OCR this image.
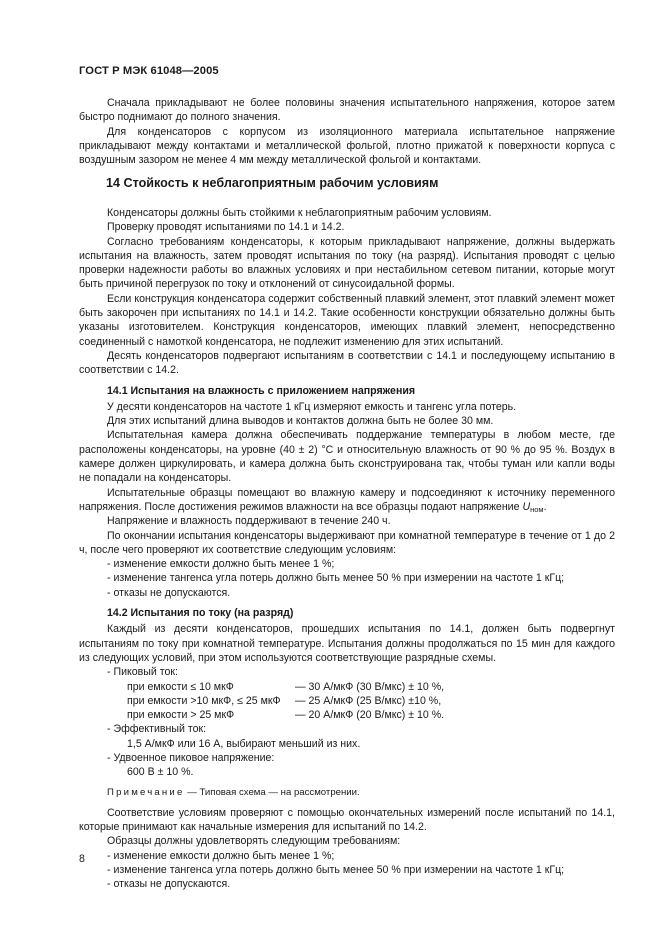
ГОСТ Р МЭК 61048—2005

Сначала прикладывают не более половины значения испытательного напряжения, которое затем быстро поднимают до полного значения.

Для конденсаторов с корпусом из изоляционного материала испытательное напряжение прикладывают между контактами и металлической фольгой, плотно прижатой к поверхности корпуса с воздушным зазором не менее 4 мм между металлической фольгой и контактами.

14 Стойкость к неблагоприятным рабочим условиям

Конденсаторы должны быть стойкими к неблагоприятным рабочим условиям.

Проверку проводят испытаниями по 14.1 и 14.2.

Согласно требованиям конденсаторы, к которым прикладывают напряжение, должны выдержать испытания на влажность, затем проводят испытания по току (на разряд). Испытания проводят с целью проверки надежности работы во влажных условиях и при нестабильном сетевом питании, которые могут быть причиной перегрузок по току и отклонений от синусоидальной формы.

Если конструкция конденсатора содержит собственный плавкий элемент, этот плавкий элемент может быть закорочен при испытаниях по 14.1 и 14.2. Такие особенности конструкции обязательно должны быть указаны изготовителем. Конструкция конденсаторов, имеющих плавкий элемент, непосредственно соединенный с намоткой конденсатора, не подлежит изменению для этих испытаний.

Десять конденсаторов подвергают испытаниям в соответствии с 14.1 и последующему испытанию в соответствии с 14.2.

14.1 Испытания на влажность с приложением напряжения

У десяти конденсаторов на частоте 1 кГц измеряют емкость и тангенс угла потерь.

Для этих испытаний длина выводов и контактов должна быть не более 30 мм.

Испытательная камера должна обеспечивать поддержание температуры в любом месте, где расположены конденсаторы, на уровне (40 ± 2) °С и относительную влажность от 90 % до 95 %. Воздух в камере должен циркулировать, и камера должна быть сконструирована так, чтобы туман или капли воды не попадали на конденсаторы.

Испытательные образцы помещают во влажную камеру и подсоединяют к источнику переменного напряжения. После достижения режимов влажности на все образцы подают напряжение $U_{ном}$.

Напряжение и влажность поддерживают в течение 240 ч.

По окончании испытания конденсаторы выдерживают при комнатной температуре в течение от 1 до 2 ч, после чего проверяют их соответствие следующим условиям:

- изменение емкости должно быть менее 1 %;

- изменение тангенса угла потерь должно быть менее 50 % при измерении на частоте 1 кГц;

- отказы не допускаются.

14.2 Испытания по току (на разряд)

Каждый из десяти конденсаторов, прошедших испытания по 14.1, должен быть подвергнут испытаниям по току при комнатной температуре. Испытания должны продолжаться по 15 мин для каждого из следующих условий, при этом используются соответствующие разрядные схемы.

- Пиковый ток:

при емкости ≤ 10 мкФ	— 30 А/мкФ (30 В/мкс) ± 10 %,
при емкости >10 мкФ, ≤ 25 мкФ	— 25 А/мкФ (25 В/мкс) ±10 %,
при емкости > 25 мкФ	— 20 А/мкФ (20 В/мкс) ± 10 %.

- Эффективный ток:

1,5 А/мкФ или 16 А, выбирают меньший из них.

- Удвоенное пиковое напряжение:

600 В ± 10 %.

Примечание — Типовая схема — на рассмотрении.

Соответствие условиям проверяют с помощью окончательных измерений после испытаний по 14.1, которые принимают как начальные измерения для испытаний по 14.2.

Образцы должны удовлетворять следующим требованиям:

- изменение емкости должно быть менее 1 %;

- изменение тангенса угла потерь должно быть менее 50 % при измерении на частоте 1 кГц;

- отказы не допускаются.

8
